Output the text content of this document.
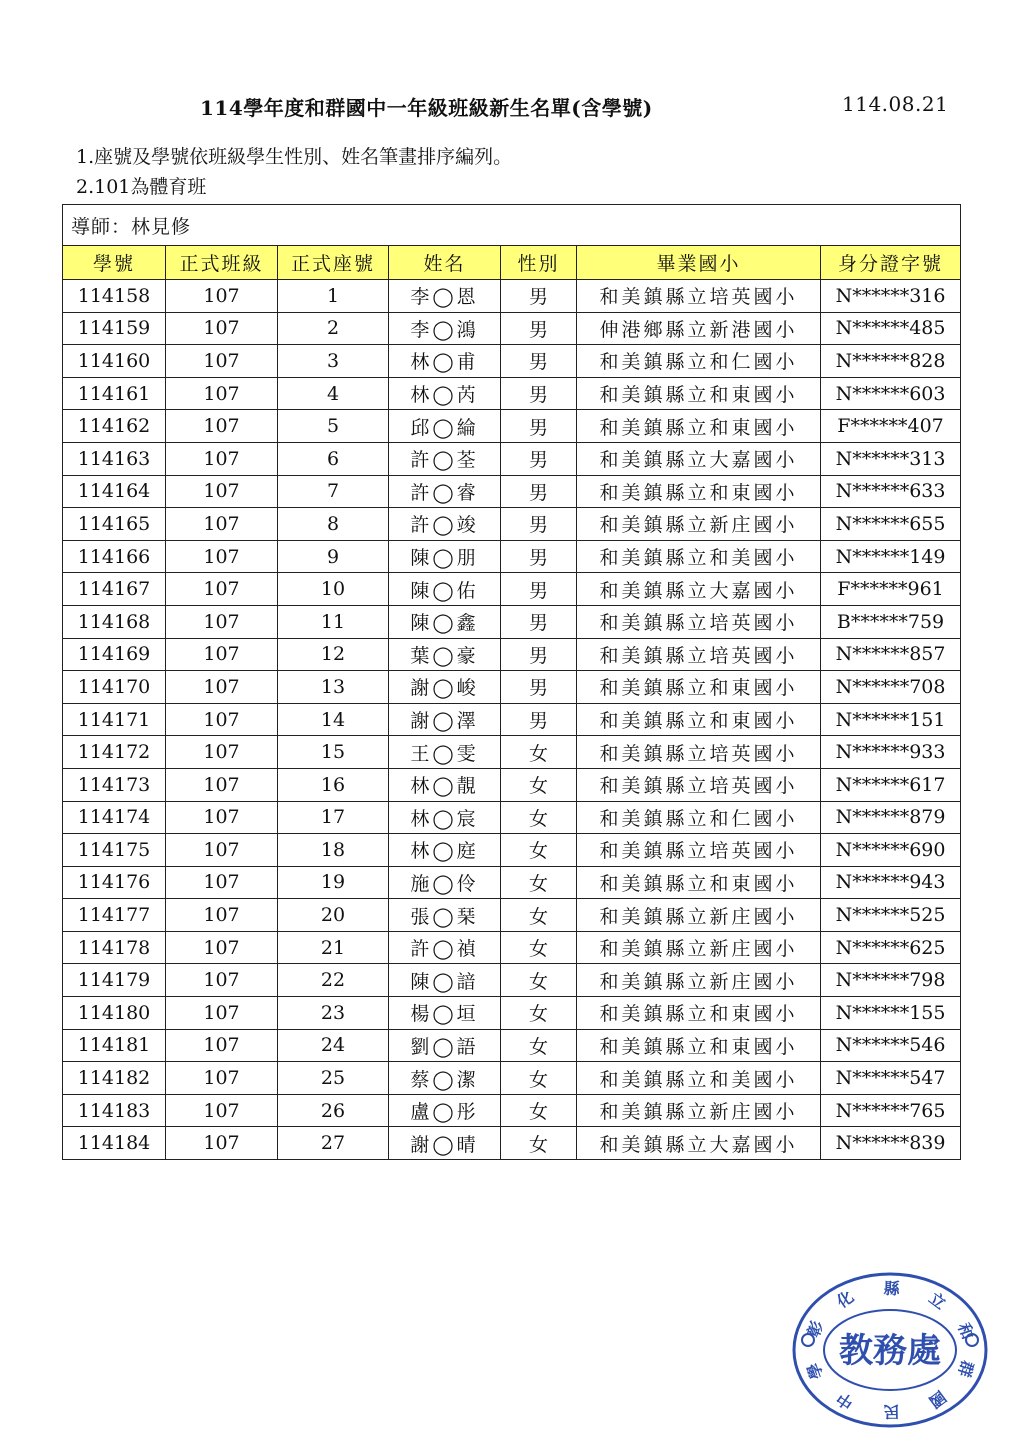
114學年度和群國中一年級班級新生名單(含學號)	114.08.21
1.座號及學號依班級學生性別、姓名筆畫排序編列。
2.101為體育班
導師：林見修						
學號	正式班級	正式座號	姓名	性別	畢業國小	身分證字號
114158	107	1	李◯恩	男	和美鎮縣立培英國小	N******316
114159	107	2	李◯鴻	男	伸港鄉縣立新港國小	N******485
114160	107	3	林◯甫	男	和美鎮縣立和仁國小	N******828
114161	107	4	林◯芮	男	和美鎮縣立和東國小	N******603
114162	107	5	邱◯綸	男	和美鎮縣立和東國小	F******407
114163	107	6	許◯荃	男	和美鎮縣立大嘉國小	N******313
114164	107	7	許◯睿	男	和美鎮縣立和東國小	N******633
114165	107	8	許◯竣	男	和美鎮縣立新庄國小	N******655
114166	107	9	陳◯朋	男	和美鎮縣立和美國小	N******149
114167	107	10	陳◯佑	男	和美鎮縣立大嘉國小	F******961
114168	107	11	陳◯鑫	男	和美鎮縣立培英國小	B******759
114169	107	12	葉◯豪	男	和美鎮縣立培英國小	N******857
114170	107	13	謝◯峻	男	和美鎮縣立和東國小	N******708
114171	107	14	謝◯澤	男	和美鎮縣立和東國小	N******151
114172	107	15	王◯雯	女	和美鎮縣立培英國小	N******933
114173	107	16	林◯靚	女	和美鎮縣立培英國小	N******617
114174	107	17	林◯宸	女	和美鎮縣立和仁國小	N******879
114175	107	18	林◯庭	女	和美鎮縣立培英國小	N******690
114176	107	19	施◯伶	女	和美鎮縣立和東國小	N******943
114177	107	20	張◯琹	女	和美鎮縣立新庄國小	N******525
114178	107	21	許◯禎	女	和美鎮縣立新庄國小	N******625
114179	107	22	陳◯諳	女	和美鎮縣立新庄國小	N******798
114180	107	23	楊◯垣	女	和美鎮縣立和東國小	N******155
114181	107	24	劉◯語	女	和美鎮縣立和東國小	N******546
114182	107	25	蔡◯潔	女	和美鎮縣立和美國小	N******547
114183	107	26	盧◯彤	女	和美鎮縣立新庄國小	N******765
114184	107	27	謝◯晴	女	和美鎮縣立大嘉國小	N******839
教務處
彰
化 縣 立
和
群
國
民
中
學
